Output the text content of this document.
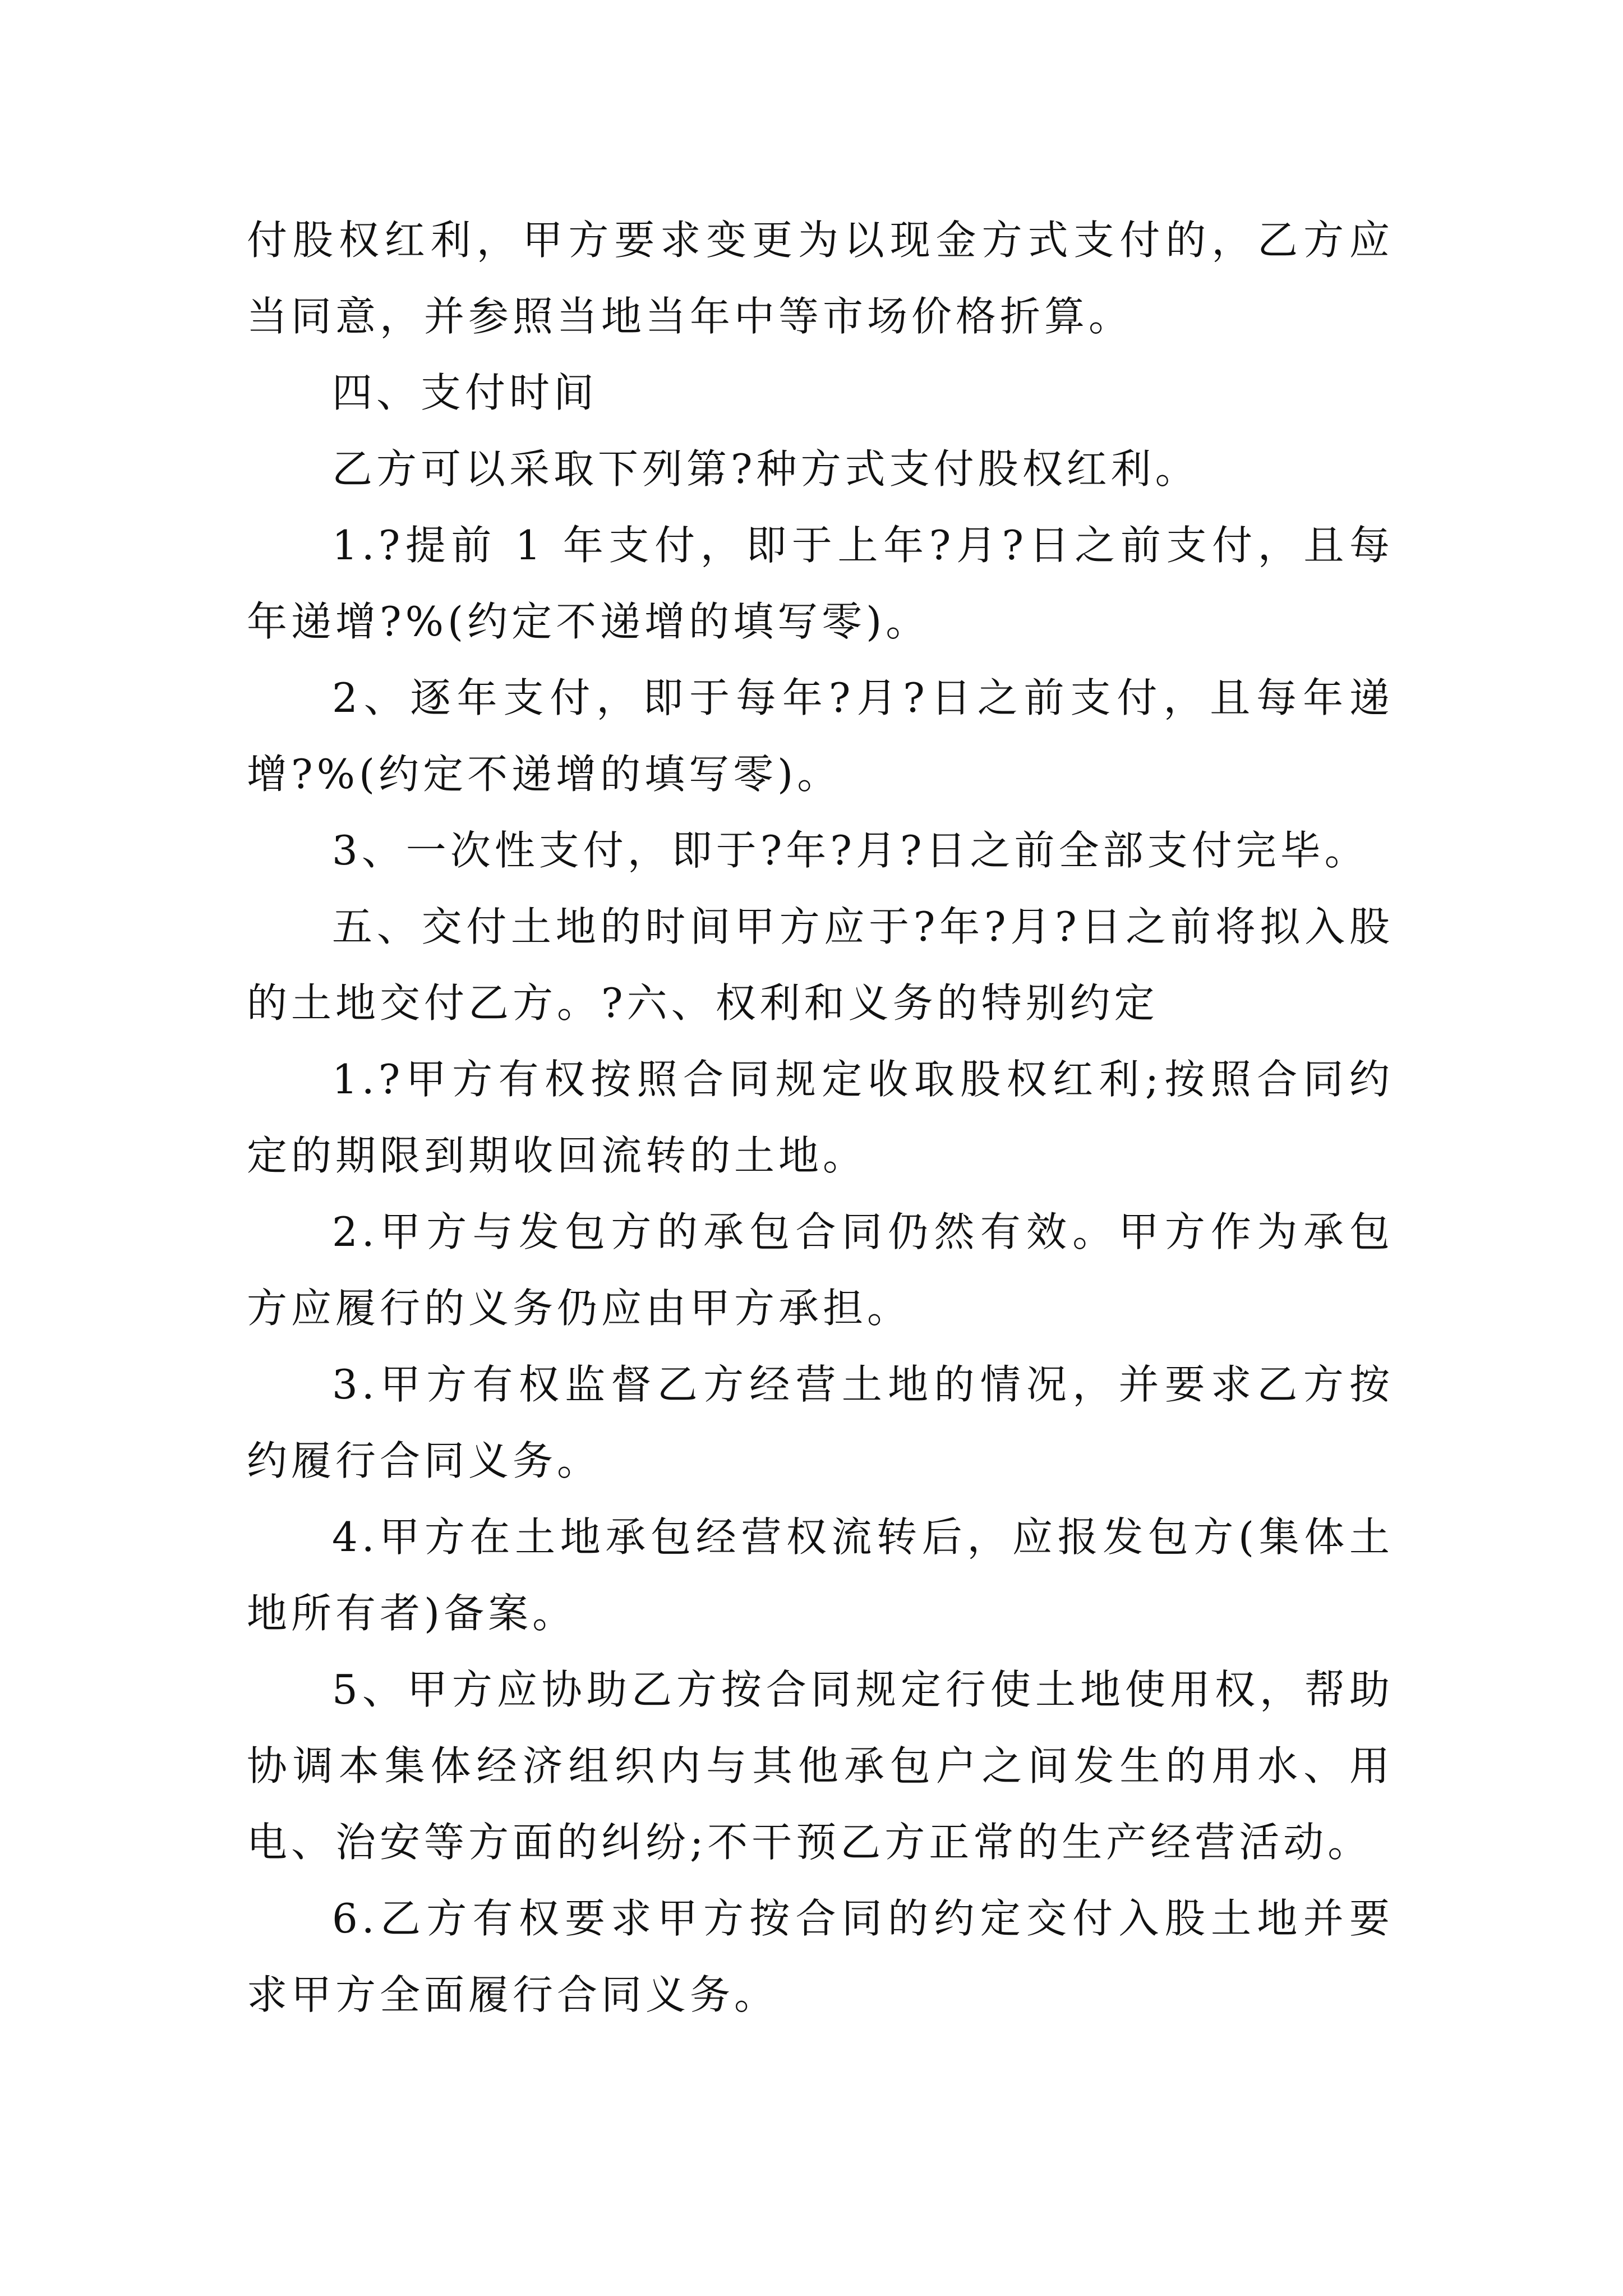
付股权红利，甲方要求变更为以现金方式支付的，乙方应当同意，并参照当地当年中等市场价格折算。

四、支付时间

乙方可以采取下列第?种方式支付股权红利。

1.?提前 1 年支付，即于上年?月?日之前支付，且每年递增?%(约定不递增的填写零)。

2、逐年支付，即于每年?月?日之前支付，且每年递增?%(约定不递增的填写零)。

3、一次性支付，即于?年?月?日之前全部支付完毕。

五、交付土地的时间甲方应于?年?月?日之前将拟入股的土地交付乙方。?六、权利和义务的特别约定

1.?甲方有权按照合同规定收取股权红利;按照合同约定的期限到期收回流转的土地。

2.甲方与发包方的承包合同仍然有效。甲方作为承包方应履行的义务仍应由甲方承担。

3.甲方有权监督乙方经营土地的情况，并要求乙方按约履行合同义务。

4.甲方在土地承包经营权流转后，应报发包方(集体土地所有者)备案。

5、甲方应协助乙方按合同规定行使土地使用权，帮助协调本集体经济组织内与其他承包户之间发生的用水、用电、治安等方面的纠纷;不干预乙方正常的生产经营活动。

6.乙方有权要求甲方按合同的约定交付入股土地并要求甲方全面履行合同义务。
